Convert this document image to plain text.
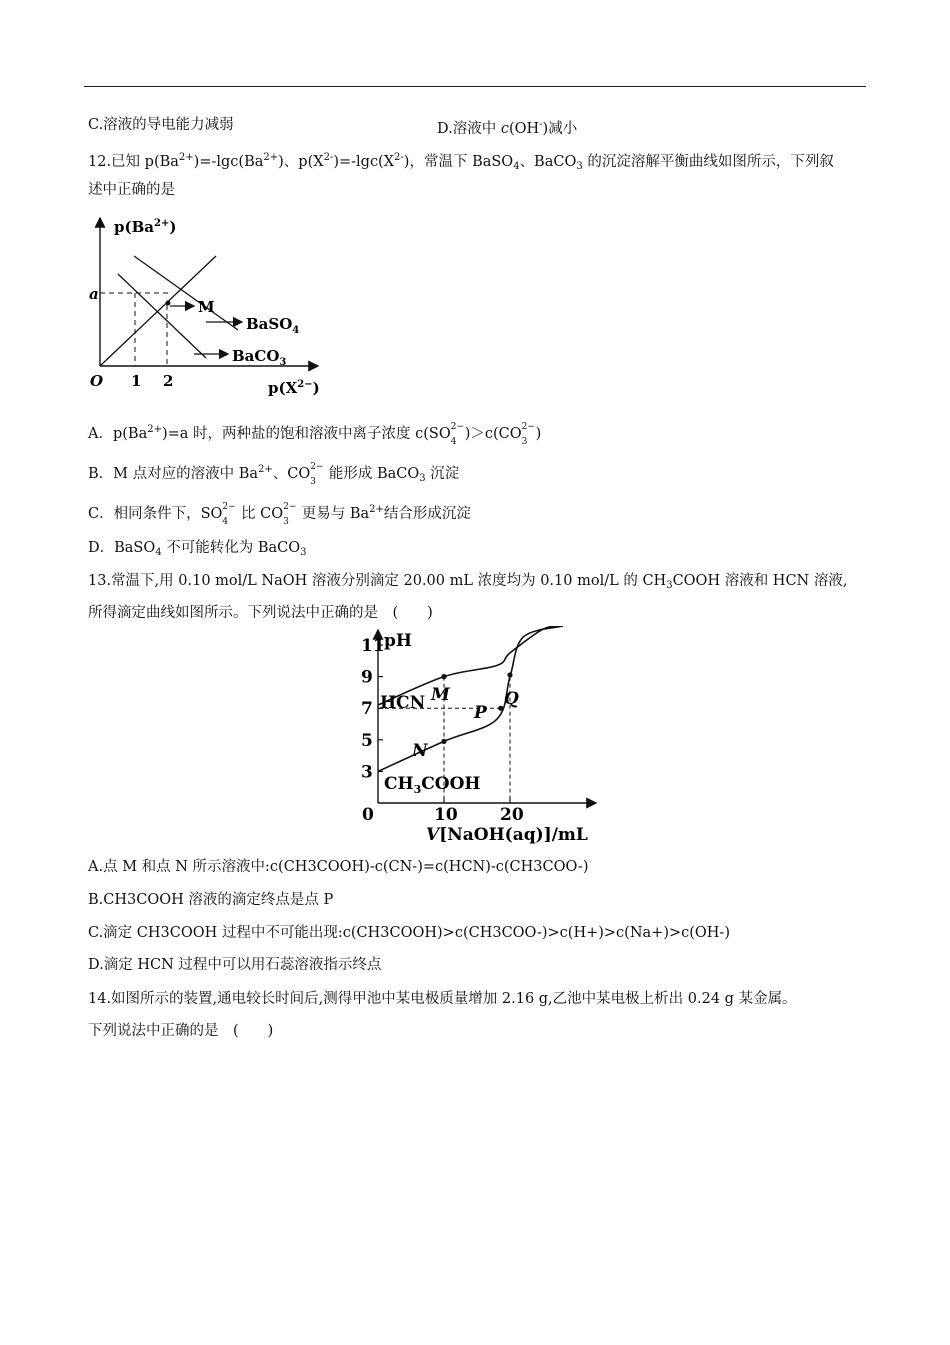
C.溶液的导电能力减弱	D.溶液中 c(OH-)减小
12.已知 $p(Ba^{2+})=-\lg c(Ba^{2+})$、$p(X^{2-})=-\lg c(X^{2-})$，常温下 BaSO$_4$、BaCO$_3$ 的沉淀溶解平衡曲线如图所示，下列叙
述中正确的是
$p(Ba^{2+})$
$p(X^{2-})$
O
a
1 2
M
BaSO$_4$
BaCO$_3$
A．$p(Ba^{2+})=a$ 时，两种盐的饱和溶液中离子浓度 c(SO 2−
4 )＞c(CO 2−
3 )
B．M 点对应的溶液中 $Ba^{2+}$、CO 2−
3 能形成 BaCO$_3$ 沉淀
C．相同条件下，SO 2−
4 比 CO 2−
3 更易与 $Ba^{2+}$结合形成沉淀
D．BaSO$_4$ 不可能转化为 BaCO$_3$
13.常温下,用 0.10 mol/L NaOH 溶液分别滴定 20.00 mL 浓度均为 0.10 mol/L 的 $CH_3COOH$ 溶液和 HCN 溶液,
所得滴定曲线如图所示。下列说法中正确的是　(　　)
pH
V[NaOH(aq)]/mL
0
3
5
7
9
11
10 20
HCN
$CH_3COOH$
M
N
P
Q
A.点 M 和点 N 所示溶液中:c(CH3COOH)-c(CN-)=c(HCN)-c(CH3COO-)
B.CH3COOH 溶液的滴定终点是点 P
C.滴定 CH3COOH 过程中不可能出现:c(CH3COOH)>c(CH3COO-)>c(H+)>c(Na+)>c(OH-)
D.滴定 HCN 过程中可以用石蕊溶液指示终点
14.如图所示的装置,通电较长时间后,测得甲池中某电极质量增加 2.16 g,乙池中某电极上析出 0.24 g 某金属。
下列说法中正确的是　(　　)
